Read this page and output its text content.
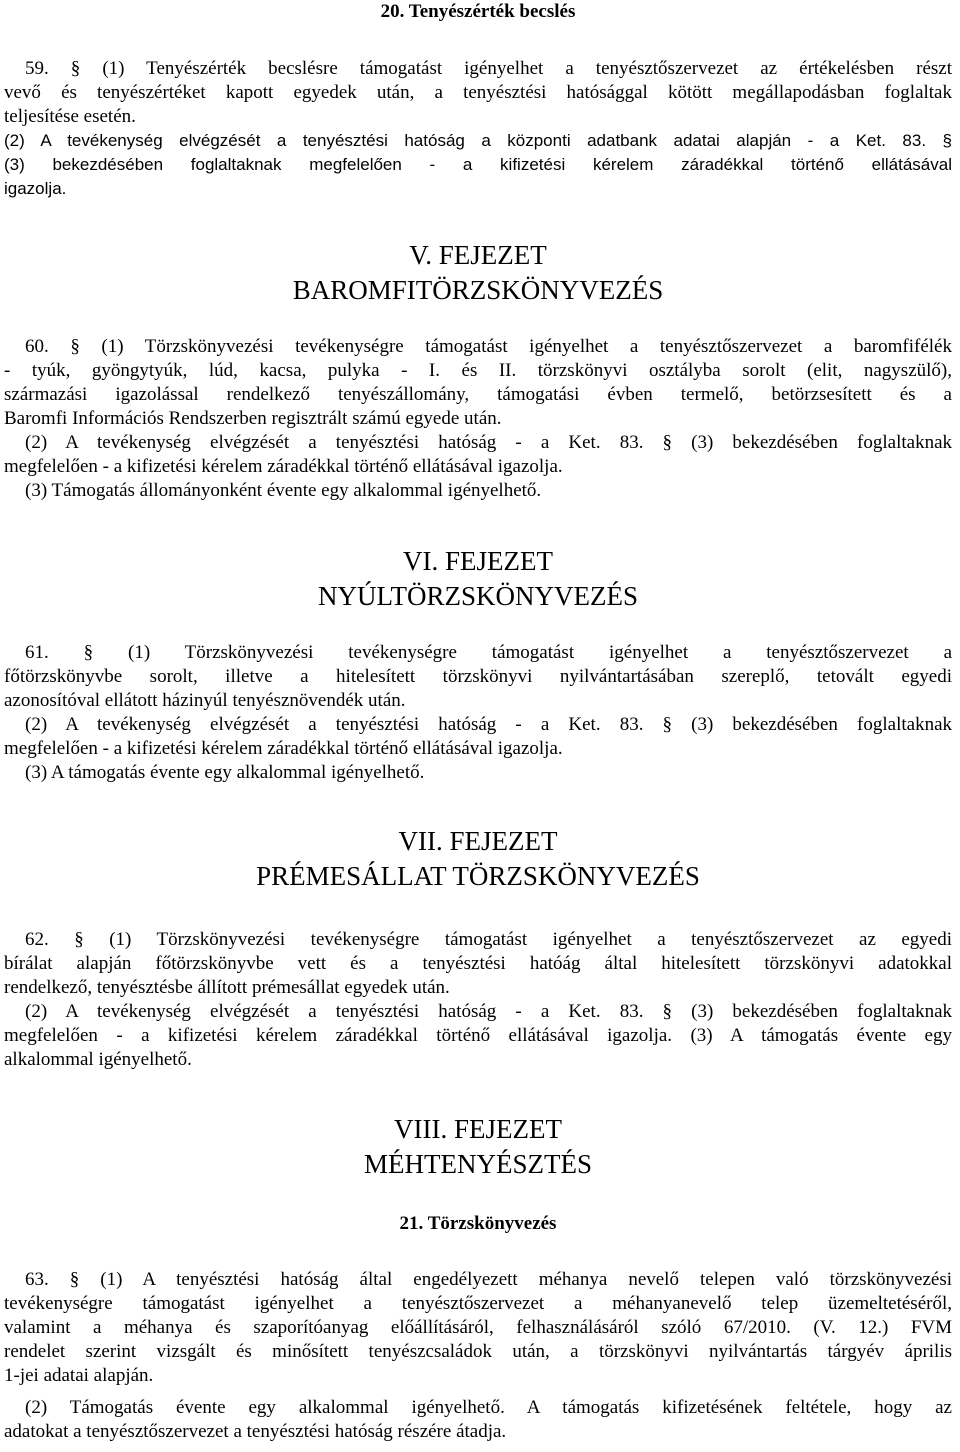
20. Tenyészérték becslés
59. § (1) Tenyészérték becslésre támogatást igényelhet a tenyésztőszervezet az értékelésben részt
vevő és tenyészértéket kapott egyedek után, a tenyésztési hatósággal kötött megállapodásban foglaltak
teljesítése esetén.
(2) A tevékenység elvégzését a tenyésztési hatóság a központi adatbank adatai alapján - a Ket. 83. §
(3) bekezdésében foglaltaknak megfelelően - a kifizetési kérelem záradékkal történő ellátásával
igazolja.
V. FEJEZET
BAROMFITÖRZSKÖNYVEZÉS
60. § (1) Törzskönyvezési tevékenységre támogatást igényelhet a tenyésztőszervezet a baromfifélék
- tyúk, gyöngytyúk, lúd, kacsa, pulyka - I. és II. törzskönyvi osztályba sorolt (elit, nagyszülő),
származási igazolással rendelkező tenyészállomány, támogatási évben termelő, betörzsesített és a
Baromfi Információs Rendszerben regisztrált számú egyede után.
(2) A tevékenység elvégzését a tenyésztési hatóság - a Ket. 83. § (3) bekezdésében foglaltaknak
megfelelően - a kifizetési kérelem záradékkal történő ellátásával igazolja.
(3) Támogatás állományonként évente egy alkalommal igényelhető.
VI. FEJEZET
NYÚLTÖRZSKÖNYVEZÉS
61. § (1) Törzskönyvezési tevékenységre támogatást igényelhet a tenyésztőszervezet a
főtörzskönyvbe sorolt, illetve a hitelesített törzskönyvi nyilvántartásában szereplő, tetovált egyedi
azonosítóval ellátott házinyúl tenyésznövendék után.
(2) A tevékenység elvégzését a tenyésztési hatóság - a Ket. 83. § (3) bekezdésében foglaltaknak
megfelelően - a kifizetési kérelem záradékkal történő ellátásával igazolja.
(3) A támogatás évente egy alkalommal igényelhető.
VII. FEJEZET
PRÉMESÁLLAT TÖRZSKÖNYVEZÉS
62. § (1) Törzskönyvezési tevékenységre támogatást igényelhet a tenyésztőszervezet az egyedi
bírálat alapján főtörzskönyvbe vett és a tenyésztési hatóág által hitelesített törzskönyvi adatokkal
rendelkező, tenyésztésbe állított prémesállat egyedek után.
(2) A tevékenység elvégzését a tenyésztési hatóság - a Ket. 83. § (3) bekezdésében foglaltaknak
megfelelően - a kifizetési kérelem záradékkal történő ellátásával igazolja. (3) A támogatás évente egy
alkalommal igényelhető.
VIII. FEJEZET
MÉHTENYÉSZTÉS
21. Törzskönyvezés
63. § (1) A tenyésztési hatóság által engedélyezett méhanya nevelő telepen való törzskönyvezési
tevékenységre támogatást igényelhet a tenyésztőszervezet a méhanyanevelő telep üzemeltetéséről,
valamint a méhanya és szaporítóanyag előállításáról, felhasználásáról szóló 67/2010. (V. 12.) FVM
rendelet szerint vizsgált és minősített tenyészcsaládok után, a törzskönyvi nyilvántartás tárgyév április
1-jei adatai alapján.
(2) Támogatás évente egy alkalommal igényelhető. A támogatás kifizetésének feltétele, hogy az
adatokat a tenyésztőszervezet a tenyésztési hatóság részére átadja.
